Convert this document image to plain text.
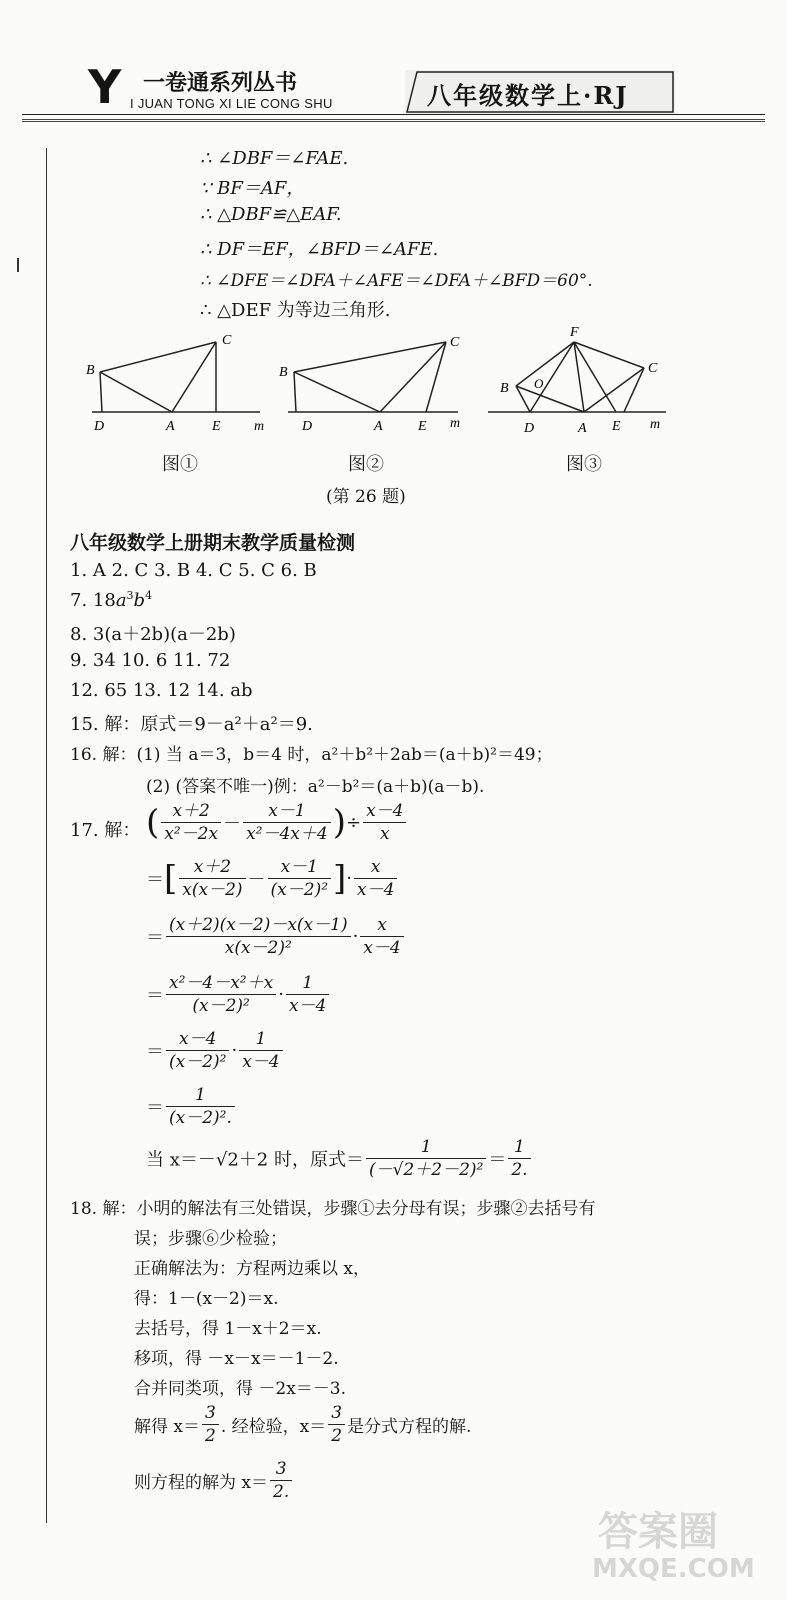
Y 一卷通系列丛书
I JUAN TONG XI LIE CONG SHU	八年级数学上·RJ
∴ ∠DBF＝∠FAE.
∵ BF＝AF，
∴ △DBF≌△EAF.
∴ DF＝EF，∠BFD＝∠AFE.
∴ ∠DFE＝∠DFA＋∠AFE＝∠DFA＋∠BFD＝60°.
∴ △DEF 为等边三角形.
B
C
D	A	E m
B
C
D	A	E m
F
B O
C
D	A E m
图①	图②	图③
(第 26 题)
八年级数学上册期末教学质量检测
1. A 2. C 3. B 4. C 5. C 6. B
7. $18a^3b^4$
8. 3(a＋2b)(a－2b)
9. 34 10. 6 11. 72
12. 65 13. 12 14. ab
15. 解：原式＝9－a²＋a²＝9.
16. 解：(1) 当 a＝3，b＝4 时，a²＋b²＋2ab＝(a＋b)²＝49；
(2) (答案不唯一)例：a²－b²＝(a＋b)(a－b).
17. 解： ( $\frac{x+2}{\text{x²－2x}} - \frac{x-1}{\text{x²－4x＋4}}$ )÷ $\frac{x-4}{x}$
＝[ $\frac{x+2}{x(x-2)} - \frac{x-1}{\text{(x－2)²}}$ ]· $\frac{x}{x-4}$
＝ $\frac{(x+2)(x-2)-x(x-1)}{\text{x(x－2)²}} \cdot \frac{x}{x-4}$
＝ $\frac{\text{x²－4－x²＋x}}{\text{(x－2)²}} \cdot \frac{1}{x-4}$
＝ $\frac{x-4}{\text{(x－2)²}} \cdot \frac{1}{x-4}$
＝ $\frac{1}{\text{(x－2)².}}$
当 x＝－√2＋2 时，原式＝ $\frac{1}{\text{(－√2＋2－2)²}} = \frac{1}{2.}$
18. 解：小明的解法有三处错误，步骤①去分母有误；步骤②去括号有
误；步骤⑥少检验；
正确解法为：方程两边乘以 x，
得：1－(x－2)＝x.
去括号，得 1－x＋2＝x.
移项，得 －x－x＝－1－2.
合并同类项，得 －2x＝－3.
解得 $x= \frac{3}{2}$ . 经检验，$x= \frac{3}{2}$ 是分式方程的解.
则方程的解为 $x= \frac{3}{2.}$
答案圈
MXQE.COM
